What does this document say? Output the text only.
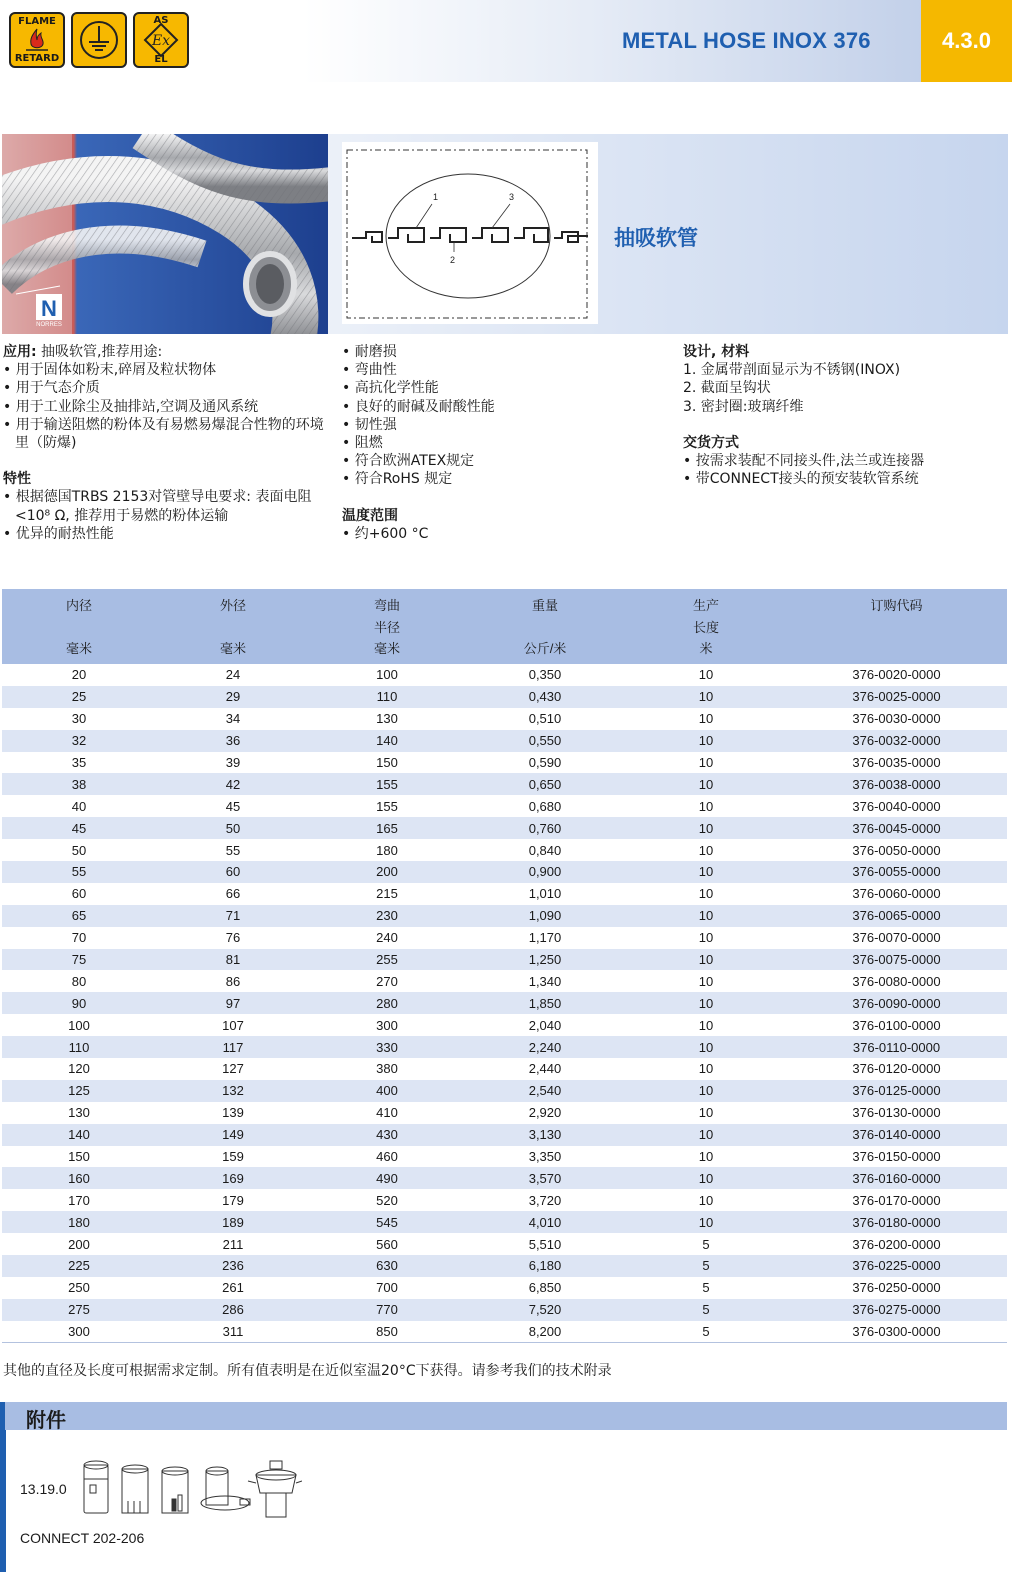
FLAME
RETARD
AS
Ex
EL
METAL HOSE INOX 376	4.3.0
N
NORRES
1
2
3
抽吸软管
应用: 抽吸软管,推荐用途:
• 用于固体如粉末,碎屑及粒状物体
• 用于气态介质
• 用于工业除尘及抽排站,空调及通风系统
• 用于输送阻燃的粉体及有易燃易爆混合性物的环境里（防爆)
特性
• 根据德国TRBS 2153对管壁导电要求: 表面电阻<10⁸ Ω, 推荐用于易燃的粉体运输
• 优异的耐热性能
• 耐磨损
• 弯曲性
• 高抗化学性能
• 良好的耐碱及耐酸性能
• 韧性强
• 阻燃
• 符合欧洲ATEX规定
• 符合RoHS 规定
温度范围
• 约+600 °C
设计, 材料
1. 金属带剖面显示为不锈钢(INOX)
2. 截面呈钩状
3. 密封圈:玻璃纤维
交货方式
• 按需求装配不同接头件,法兰或连接器
• 带CONNECT接头的预安装软管系统
内径	外径	弯曲	重量	生产	订购代码
		半径		长度	
毫米	毫米	毫米	公斤/米	米	
20	24	100	0,350	10	376-0020-0000
25	29	110	0,430	10	376-0025-0000
30	34	130	0,510	10	376-0030-0000
32	36	140	0,550	10	376-0032-0000
35	39	150	0,590	10	376-0035-0000
38	42	155	0,650	10	376-0038-0000
40	45	155	0,680	10	376-0040-0000
45	50	165	0,760	10	376-0045-0000
50	55	180	0,840	10	376-0050-0000
55	60	200	0,900	10	376-0055-0000
60	66	215	1,010	10	376-0060-0000
65	71	230	1,090	10	376-0065-0000
70	76	240	1,170	10	376-0070-0000
75	81	255	1,250	10	376-0075-0000
80	86	270	1,340	10	376-0080-0000
90	97	280	1,850	10	376-0090-0000
100	107	300	2,040	10	376-0100-0000
110	117	330	2,240	10	376-0110-0000
120	127	380	2,440	10	376-0120-0000
125	132	400	2,540	10	376-0125-0000
130	139	410	2,920	10	376-0130-0000
140	149	430	3,130	10	376-0140-0000
150	159	460	3,350	10	376-0150-0000
160	169	490	3,570	10	376-0160-0000
170	179	520	3,720	10	376-0170-0000
180	189	545	4,010	10	376-0180-0000
200	211	560	5,510	5	376-0200-0000
225	236	630	6,180	5	376-0225-0000
250	261	700	6,850	5	376-0250-0000
275	286	770	7,520	5	376-0275-0000
300	311	850	8,200	5	376-0300-0000
其他的直径及长度可根据需求定制。所有值表明是在近似室温20°C下获得。请参考我们的技术附录
附件
13.19.0
CONNECT 202-206
